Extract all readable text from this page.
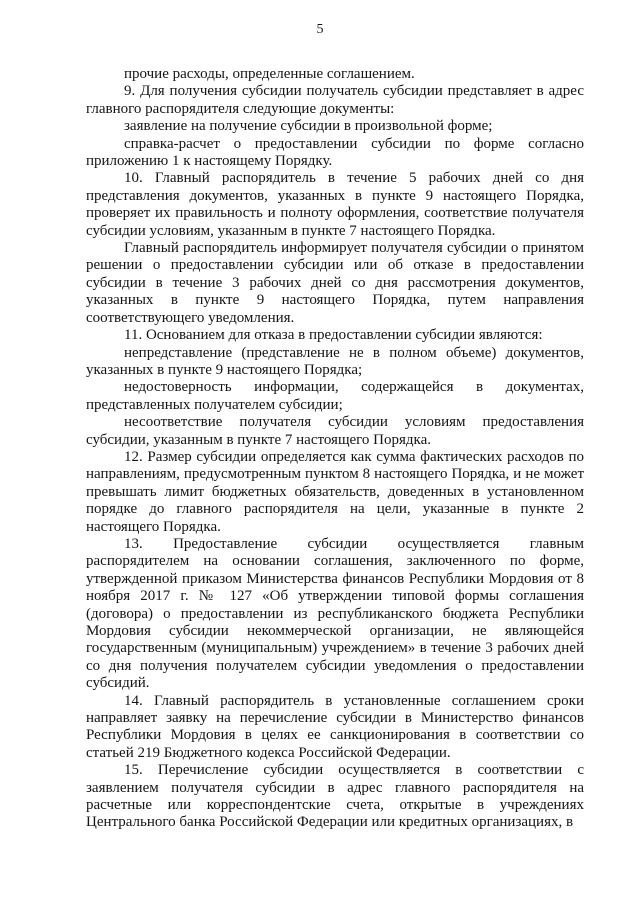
5

прочие расходы, определенные соглашением.

9. Для получения субсидии получатель субсидии представляет в адрес главного распорядителя следующие документы:

заявление на получение субсидии в произвольной форме;

справка-расчет о предоставлении субсидии по форме согласно приложению 1 к настоящему Порядку.

10. Главный распорядитель в течение 5 рабочих дней со дня представления документов, указанных в пункте 9 настоящего Порядка, проверяет их правильность и полноту оформления, соответствие получателя субсидии условиям, указанным в пункте 7 настоящего Порядка.

Главный распорядитель информирует получателя субсидии о принятом решении о предоставлении субсидии или об отказе в предоставлении субсидии в течение 3 рабочих дней со дня рассмотрения документов, указанных в пункте 9 настоящего Порядка, путем направления соответствующего уведомления.

11. Основанием для отказа в предоставлении субсидии являются:

непредставление (представление не в полном объеме) документов, указанных в пункте 9 настоящего Порядка;

недостоверность информации, содержащейся в документах, представленных получателем субсидии;

несоответствие получателя субсидии условиям предоставления субсидии, указанным в пункте 7 настоящего Порядка.

12. Размер субсидии определяется как сумма фактических расходов по направлениям, предусмотренным пунктом 8 настоящего Порядка, и не может превышать лимит бюджетных обязательств, доведенных в установленном порядке до главного распорядителя на цели, указанные в пункте 2 настоящего Порядка.

13. Предоставление субсидии осуществляется главным распорядителем на основании соглашения, заключенного по форме, утвержденной приказом Министерства финансов Республики Мордовия от 8 ноября 2017 г. № 127 «Об утверждении типовой формы соглашения (договора) о предоставлении из республиканского бюджета Республики Мордовия субсидии некоммерческой организации, не являющейся государственным (муниципальным) учреждением» в течение 3 рабочих дней со дня получения получателем субсидии уведомления о предоставлении субсидий.

14. Главный распорядитель в установленные соглашением сроки направляет заявку на перечисление субсидии в Министерство финансов Республики Мордовия в целях ее санкционирования в соответствии со статьей 219 Бюджетного кодекса Российской Федерации.

15. Перечисление субсидии осуществляется в соответствии с заявлением получателя субсидии в адрес главного распорядителя на расчетные или корреспондентские счета, открытые в учреждениях Центрального банка Российской Федерации или кредитных организациях, в
